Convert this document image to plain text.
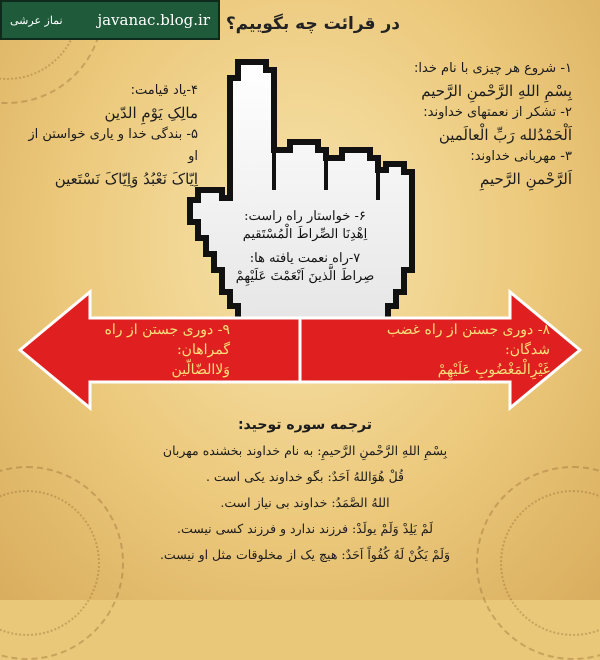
نماز عرشی javanac.blog.ir در قرائت چه بگوییم؟
۱- شروع هر چیزی با نام خدا:
بِسْمِ اللهِ الرَّحْمنِ الرَّحیم
۲- تشکر از نعمتهای خداوند:
اَلْحَمْدُلله رَبِّ الْعالَمین
۳- مهربانی خداوند:
اَلرَّحْمنِ الرَّحیمِ
۴-یاد قیامت:
مالِکِ یَوْمِ الدّین
۵- بندگی خدا و یاری خواستن از او
اِیّاکَ نَعْبُدُ وَاِیّاکَ نَسْتَعین

۶- خواستار راه راست:
اِهْدِنَا الصِّراطَ الْمُسْتَقیم

۷-راه نعمت یافته ها:
صِراطَ الَّذینَ اَنْعَمْتَ عَلَیْهِمْ

۹- دوری جستن از راه گمراهان:
وَلاالضّالّین
۸- دوری جستن از راه غضب شدگان:
غَیْرِالْمَغْضُوبِ عَلَیْهِمْ

ترجمه سوره توحید:

بِسْمِ اللهِ الرَّحْمنِ الرَّحیمِ: به نام خداوند بخشنده مهربان

قُلْ هُوَاللهُ اَحَدٌ: بگو خداوند یکی است .

اللهُ الصَّمَدُ: خداوند بی نیاز است.

لَمْ یَلِدْ وَلَمْ یولَدْ: فرزند ندارد و فرزند کسی نیست.

وَلَمْ یَکُنْ لَهُ کُفُواً اَحَدٌ: هیچ یک از مخلوقات مثل او نیست.
